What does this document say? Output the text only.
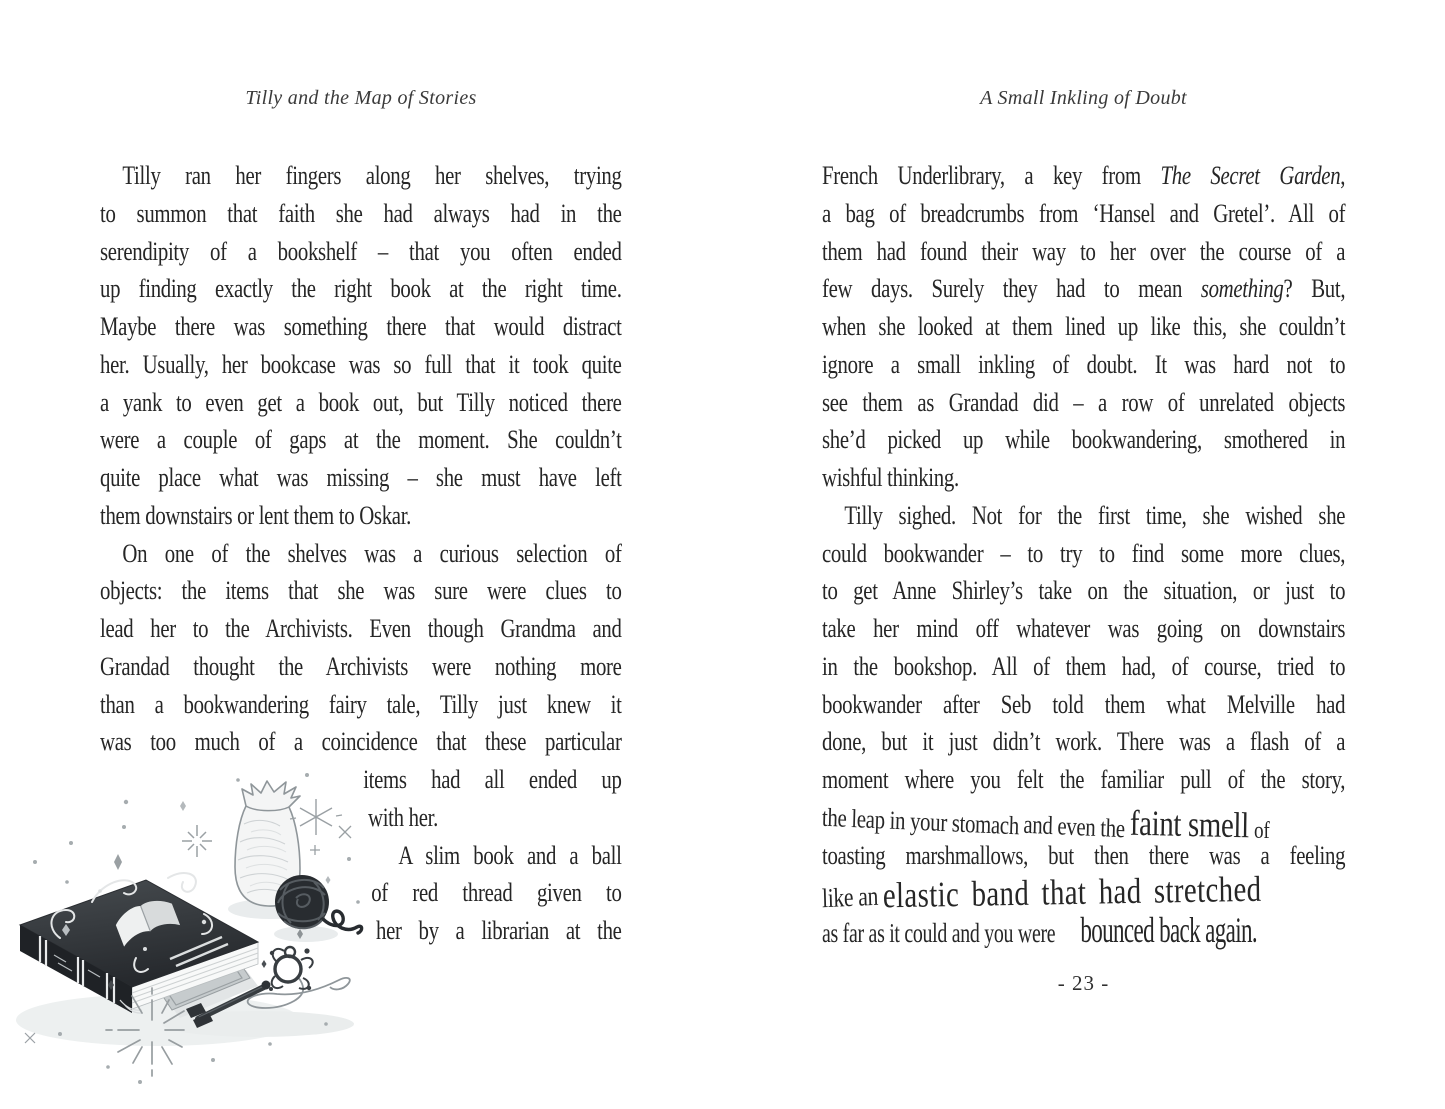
Tilly and the Map of Stories	A Small Inkling of Doubt
Tilly ran her fingers along her shelves, trying
to summon that faith she had always had in the
serendipity of a bookshelf – that you often ended
up finding exactly the right book at the right time.
Maybe there was something there that would distract
her. Usually, her bookcase was so full that it took quite
a yank to even get a book out, but Tilly noticed there
were a couple of gaps at the moment. She couldn’t
quite place what was missing – she must have left
them downstairs or lent them to Oskar.
On one of the shelves was a curious selection of
objects: the items that she was sure were clues to
lead her to the Archivists. Even though Grandma and
Grandad thought the Archivists were nothing more
than a bookwandering fairy tale, Tilly just knew it
was too much of a coincidence that these particular
items had all ended up
with her.
A slim book and a ball
of red thread given to
her by a librarian at the
French Underlibrary, a key from The Secret Garden,
a bag of breadcrumbs from ‘Hansel and Gretel’. All of
them had found their way to her over the course of a
few days. Surely they had to mean something? But,
when she looked at them lined up like this, she couldn’t
ignore a small inkling of doubt. It was hard not to
see them as Grandad did – a row of unrelated objects
she’d picked up while bookwandering, smothered in
wishful thinking.
Tilly sighed. Not for the first time, she wished she
could bookwander – to try to find some more clues,
to get Anne Shirley’s take on the situation, or just to
take her mind off whatever was going on downstairs
in the bookshop. All of them had, of course, tried to
bookwander after Seb told them what Melville had
done, but it just didn’t work. There was a flash of a
moment where you felt the familiar pull of the story,
the leap in your stomach and even the faint smell of
toasting marshmallows, but then there was a feeling
like an elastic band that had stretched
as far as it could and you were bounced back again.
- 23 -
